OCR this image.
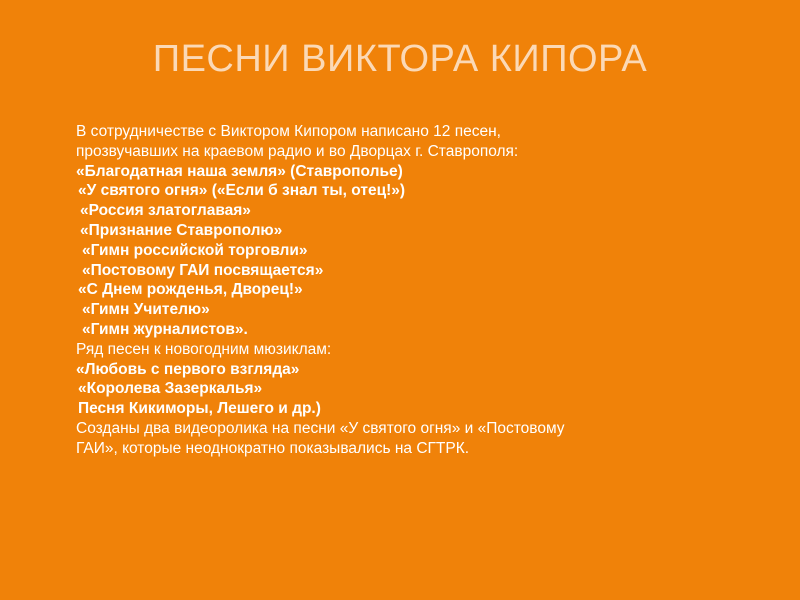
ПЕСНИ ВИКТОРА КИПОРА
В сотрудничестве с Виктором Кипором написано 12 песен,
прозвучавших на краевом радио и во Дворцах г. Ставрополя:
«Благодатная наша земля» (Ставрополье)
«У святого огня» («Если б знал ты, отец!»)
«Россия златоглавая»
«Признание Ставрополю»
«Гимн российской торговли»
«Постовому ГАИ посвящается»
«С Днем рожденья, Дворец!»
«Гимн Учителю»
«Гимн журналистов».
Ряд песен к новогодним мюзиклам:
«Любовь с первого взгляда»
«Королева Зазеркалья»
Песня Кикиморы, Лешего и др.)
Созданы два видеоролика на песни «У святого огня» и «Постовому
ГАИ», которые неоднократно показывались на СГТРК.
